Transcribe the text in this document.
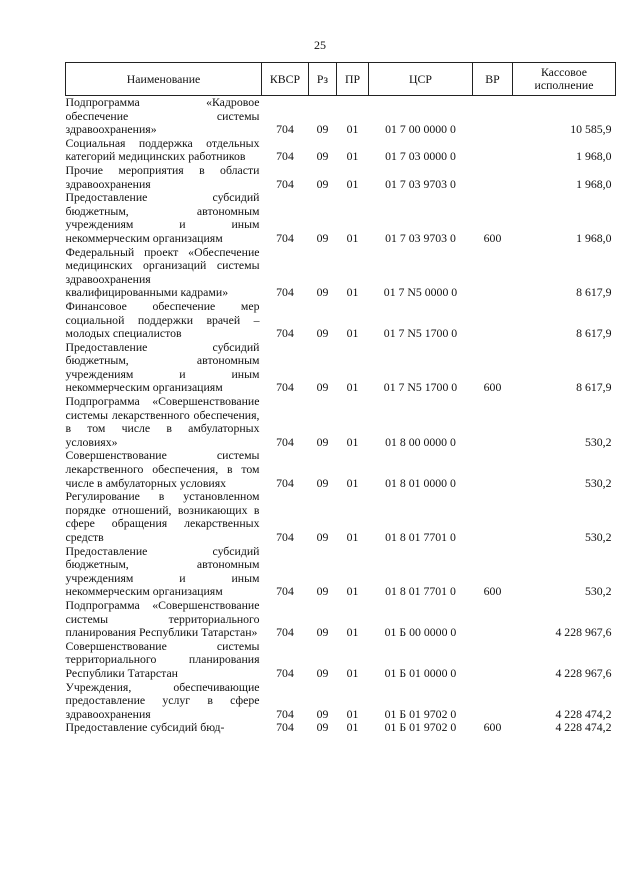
25
Наименование	КВСР	Рз	ПР	ЦСР	ВР	Кассовое исполнение
Подпрограмма «Кадровое обеспечение системы здравоохранения»	704	09	01	01 7 00 0000 0		10 585,9
Социальная поддержка отдельных категорий медицинских работников	704	09	01	01 7 03 0000 0		1 968,0
Прочие мероприятия в области здравоохранения	704	09	01	01 7 03 9703 0		1 968,0
Предоставление субсидий бюджетным, автономным учреждениям и иным некоммерческим организациям	704	09	01	01 7 03 9703 0	600	1 968,0
Федеральный проект «Обеспечение медицинских организаций системы здравоохранения квалифицированными кадрами»	704	09	01	01 7 N5 0000 0		8 617,9
Финансовое обеспечение мер социальной поддержки врачей – молодых специалистов	704	09	01	01 7 N5 1700 0		8 617,9
Предоставление субсидий бюджетным, автономным учреждениям и иным некоммерческим организациям	704	09	01	01 7 N5 1700 0	600	8 617,9
Подпрограмма «Совершенствование системы лекарственного обеспечения, в том числе в амбулаторных условиях»	704	09	01	01 8 00 0000 0		530,2
Совершенствование системы лекарственного обеспечения, в том числе в амбулаторных условиях	704	09	01	01 8 01 0000 0		530,2
Регулирование в установленном порядке отношений, возникающих в сфере обращения лекарственных средств	704	09	01	01 8 01 7701 0		530,2
Предоставление субсидий бюджетным, автономным учреждениям и иным некоммерческим организациям	704	09	01	01 8 01 7701 0	600	530,2
Подпрограмма «Совершенствование системы территориального планирования Республики Татарстан»	704	09	01	01 Б 00 0000 0		4 228 967,6
Совершенствование системы территориального планирования Республики Татарстан	704	09	01	01 Б 01 0000 0		4 228 967,6
Учреждения, обеспечивающие предоставление услуг в сфере здравоохранения	704	09	01	01 Б 01 9702 0		4 228 474,2
Предоставление субсидий бюд-	704	09	01	01 Б 01 9702 0	600	4 228 474,2
